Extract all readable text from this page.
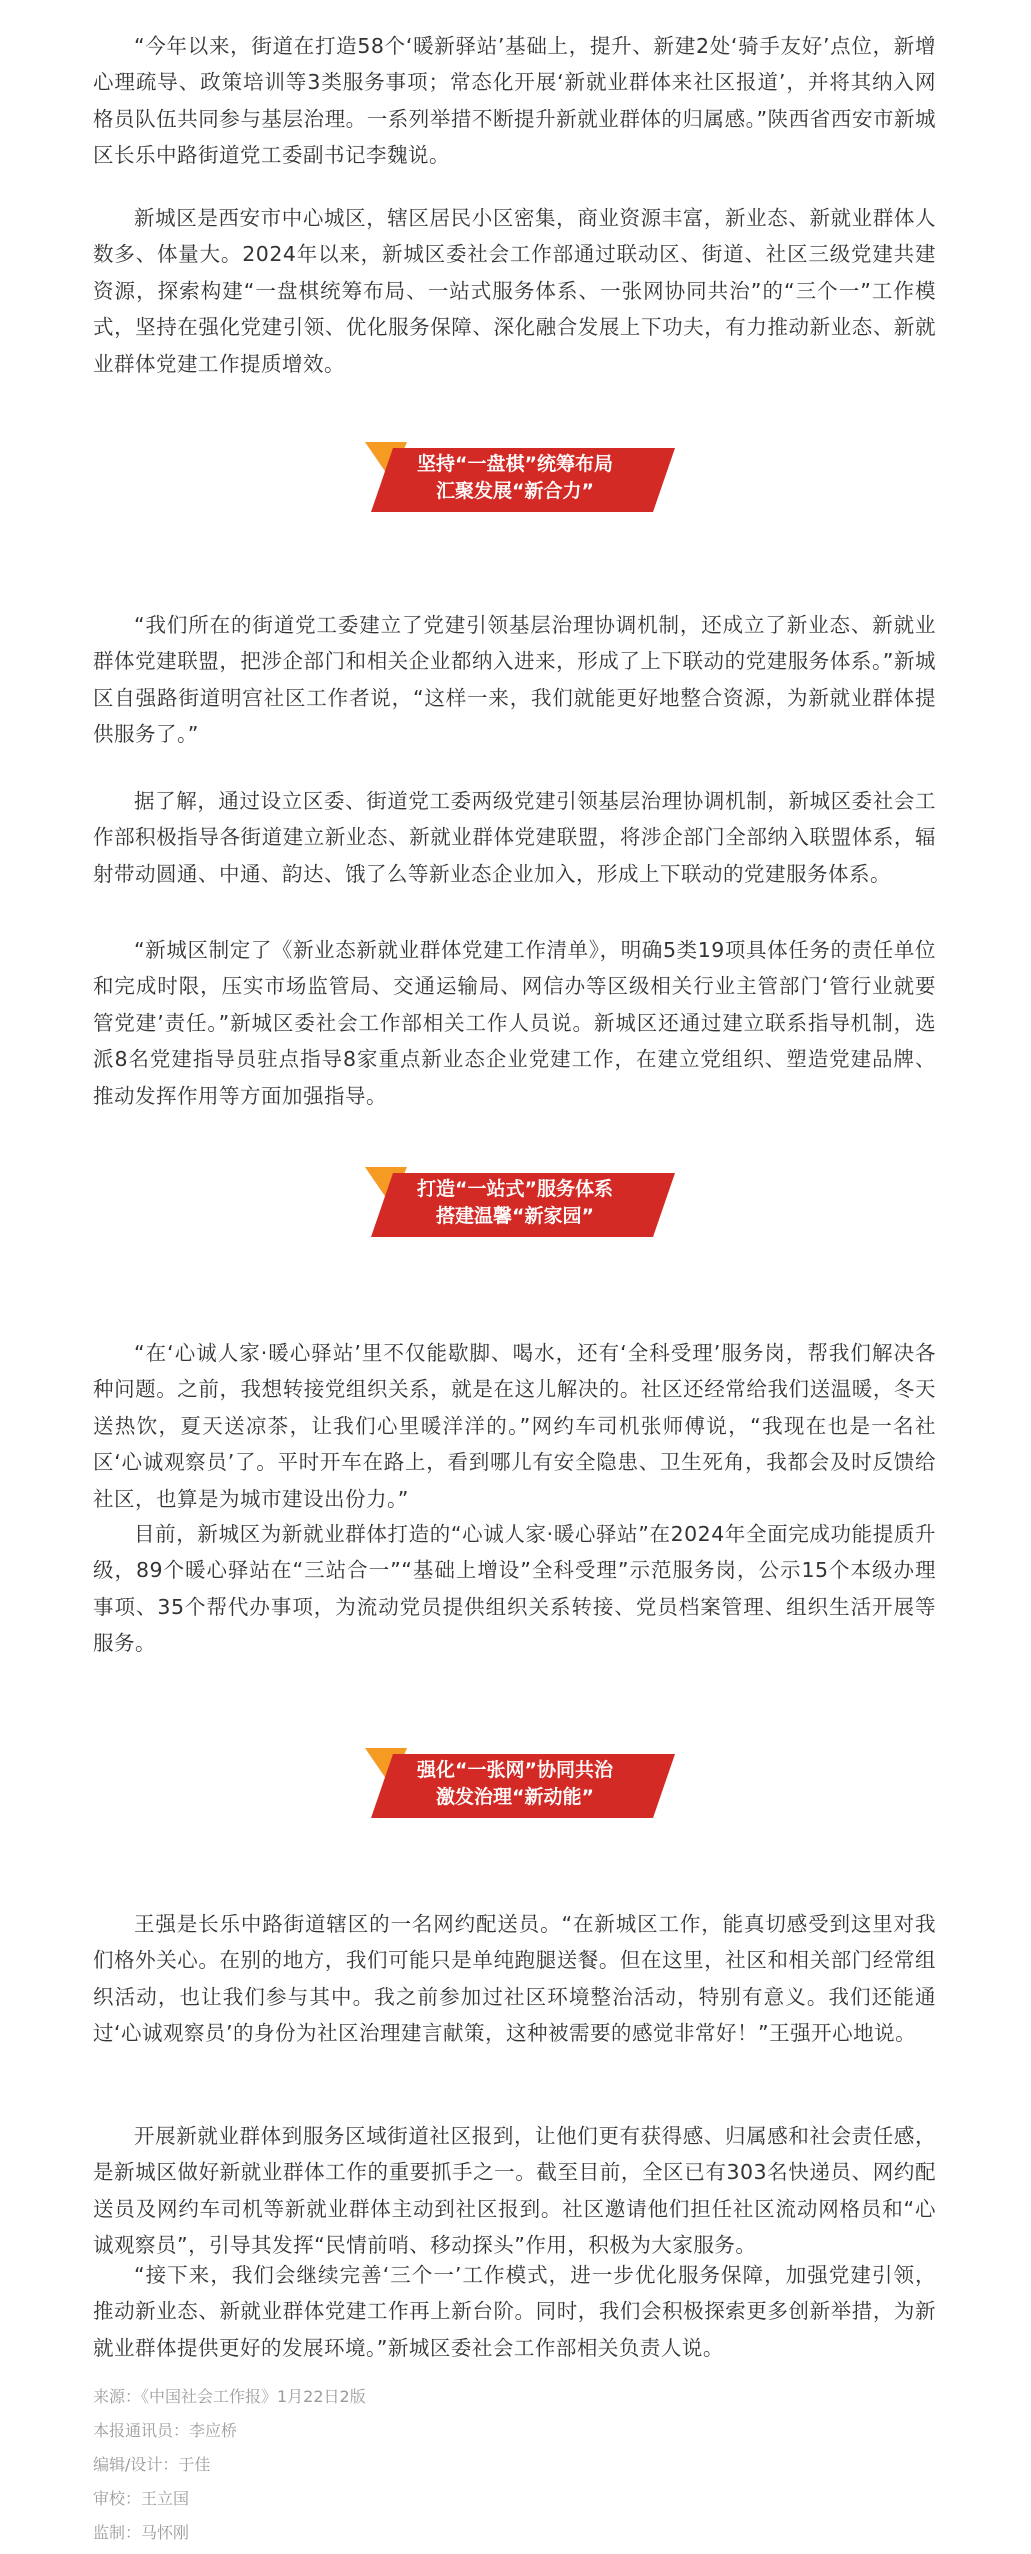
“今年以来，街道在打造58个‘暖新驿站’基础上，提升、新建2处‘骑手友好’点位，新增心理疏导、政策培训等3类服务事项；常态化开展‘新就业群体来社区报道’，并将其纳入网格员队伍共同参与基层治理。一系列举措不断提升新就业群体的归属感。”陕西省西安市新城区长乐中路街道党工委副书记李魏说。

新城区是西安市中心城区，辖区居民小区密集，商业资源丰富，新业态、新就业群体人数多、体量大。2024年以来，新城区委社会工作部通过联动区、街道、社区三级党建共建资源，探索构建“一盘棋统筹布局、一站式服务体系、一张网协同共治”的“三个一”工作模式，坚持在强化党建引领、优化服务保障、深化融合发展上下功夫，有力推动新业态、新就业群体党建工作提质增效。

坚持“一盘棋”统筹布局
汇聚发展“新合力”

“我们所在的街道党工委建立了党建引领基层治理协调机制，还成立了新业态、新就业群体党建联盟，把涉企部门和相关企业都纳入进来，形成了上下联动的党建服务体系。”新城区自强路街道明宫社区工作者说，“这样一来，我们就能更好地整合资源，为新就业群体提供服务了。”

据了解，通过设立区委、街道党工委两级党建引领基层治理协调机制，新城区委社会工作部积极指导各街道建立新业态、新就业群体党建联盟，将涉企部门全部纳入联盟体系，辐射带动圆通、中通、韵达、饿了么等新业态企业加入，形成上下联动的党建服务体系。

“新城区制定了《新业态新就业群体党建工作清单》，明确5类19项具体任务的责任单位和完成时限，压实市场监管局、交通运输局、网信办等区级相关行业主管部门‘管行业就要管党建’责任。”新城区委社会工作部相关工作人员说。新城区还通过建立联系指导机制，选派8名党建指导员驻点指导8家重点新业态企业党建工作，在建立党组织、塑造党建品牌、推动发挥作用等方面加强指导。

打造“一站式”服务体系
搭建温馨“新家园”

“在‘心诚人家·暖心驿站’里不仅能歇脚、喝水，还有‘全科受理’服务岗，帮我们解决各种问题。之前，我想转接党组织关系，就是在这儿解决的。社区还经常给我们送温暖，冬天送热饮，夏天送凉茶，让我们心里暖洋洋的。”网约车司机张师傅说，“我现在也是一名社区‘心诚观察员’了。平时开车在路上，看到哪儿有安全隐患、卫生死角，我都会及时反馈给社区，也算是为城市建设出份力。”

目前，新城区为新就业群体打造的“心诚人家·暖心驿站”在2024年全面完成功能提质升级，89个暖心驿站在“三站合一”“基础上增设”全科受理”示范服务岗，公示15个本级办理事项、35个帮代办事项，为流动党员提供组织关系转接、党员档案管理、组织生活开展等服务。

强化“一张网”协同共治
激发治理“新动能”

王强是长乐中路街道辖区的一名网约配送员。“在新城区工作，能真切感受到这里对我们格外关心。在别的地方，我们可能只是单纯跑腿送餐。但在这里，社区和相关部门经常组织活动，也让我们参与其中。我之前参加过社区环境整治活动，特别有意义。我们还能通过‘心诚观察员’的身份为社区治理建言献策，这种被需要的感觉非常好！”王强开心地说。

开展新就业群体到服务区域街道社区报到，让他们更有获得感、归属感和社会责任感，是新城区做好新就业群体工作的重要抓手之一。截至目前，全区已有303名快递员、网约配送员及网约车司机等新就业群体主动到社区报到。社区邀请他们担任社区流动网格员和“心诚观察员”，引导其发挥“民情前哨、移动探头”作用，积极为大家服务。

“接下来，我们会继续完善‘三个一’工作模式，进一步优化服务保障，加强党建引领，推动新业态、新就业群体党建工作再上新台阶。同时，我们会积极探索更多创新举措，为新就业群体提供更好的发展环境。”新城区委社会工作部相关负责人说。

来源：《中国社会工作报》1月22日2版
本报通讯员：李应桥
编辑/设计：于佳
审校：王立国
监制：马怀刚
